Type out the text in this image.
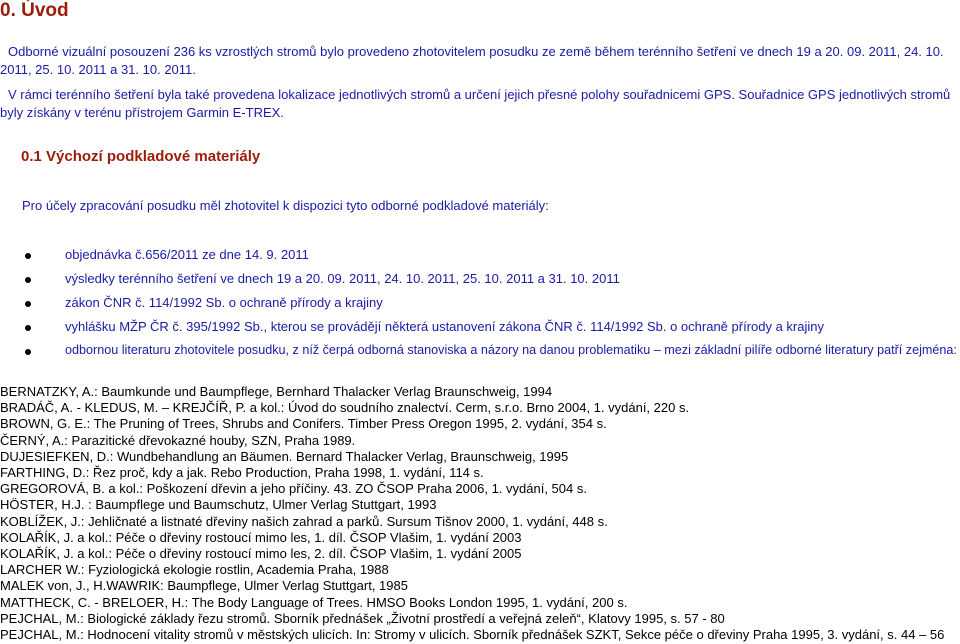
0. Úvod
Odborné vizuální posouzení 236 ks vzrostlých stromů bylo provedeno zhotovitelem posudku ze země během terénního šetření ve dnech 19 a 20. 09. 2011, 24. 10. 2011, 25. 10. 2011 a 31. 10. 2011.
V rámci terénního šetření byla také provedena lokalizace jednotlivých stromů a určení jejich přesné polohy souřadnicemi GPS. Souřadnice GPS jednotlivých stromů byly získány v terénu přístrojem Garmin E-TREX.
0.1 Výchozí podkladové materiály
Pro účely zpracování posudku měl zhotovitel k dispozici tyto odborné podkladové materiály:
objednávka č.656/2011 ze dne 14. 9. 2011
výsledky terénního šetření ve dnech 19 a 20. 09. 2011, 24. 10. 2011, 25. 10. 2011 a 31. 10. 2011
zákon ČNR č. 114/1992 Sb. o ochraně přírody a krajiny
vyhlášku MŽP ČR č. 395/1992 Sb., kterou se provádějí některá ustanovení zákona ČNR č. 114/1992 Sb. o ochraně přírody a krajiny
odbornou literaturu zhotovitele posudku, z níž čerpá odborná stanoviska a názory na danou problematiku – mezi základní pilíře odborné literatury patří zejména:
BERNATZKY, A.: Baumkunde und Baumpflege, Bernhard Thalacker Verlag Braunschweig, 1994
BRADÁČ, A. - KLEDUS, M. – KREJČÍŘ, P. a kol.: Úvod do soudního znalectví. Cerm, s.r.o. Brno 2004, 1. vydání, 220 s.
BROWN, G. E.: The Pruning of Trees, Shrubs and Conifers. Timber Press Oregon 1995, 2. vydání, 354 s.
ČERNÝ, A.: Parazitické dřevokazné houby, SZN, Praha 1989.
DUJESIEFKEN, D.: Wundbehandlung an Bäumen. Bernard Thalacker Verlag, Braunschweig, 1995
FARTHING, D.: Řez proč, kdy a jak. Rebo Production, Praha 1998, 1. vydání, 114 s.
GREGOROVÁ, B. a kol.: Poškození dřevin a jeho příčiny. 43. ZO ČSOP Praha 2006, 1. vydání, 504 s.
HÖSTER, H.J. : Baumpflege und Baumschutz, Ulmer Verlag Stuttgart, 1993
KOBLÍŽEK, J.: Jehličnaté a listnaté dřeviny našich zahrad a parků. Sursum Tišnov 2000, 1. vydání, 448 s.
KOLAŘÍK, J. a kol.: Péče o dřeviny rostoucí mimo les, 1. díl. ČSOP Vlašim, 1. vydání 2003
KOLAŘÍK, J. a kol.: Péče o dřeviny rostoucí mimo les, 2. díl. ČSOP Vlašim, 1. vydání 2005
LARCHER W.: Fyziologická ekologie rostlin, Academia Praha, 1988
MALEK von, J., H.WAWRIK: Baumpflege, Ulmer Verlag Stuttgart, 1985
MATTHECK, C. - BRELOER, H.: The Body Language of Trees. HMSO Books London 1995, 1. vydání, 200 s.
PEJCHAL, M.: Biologické základy řezu stromů. Sborník přednášek „Životní prostředí a veřejná zeleň“, Klatovy 1995, s. 57 - 80
PEJCHAL, M.: Hodnocení vitality stromů v městských ulicích. In: Stromy v ulicích. Sborník přednášek SZKT, Sekce péče o dřeviny Praha 1995, 3. vydání, s. 44 – 56
